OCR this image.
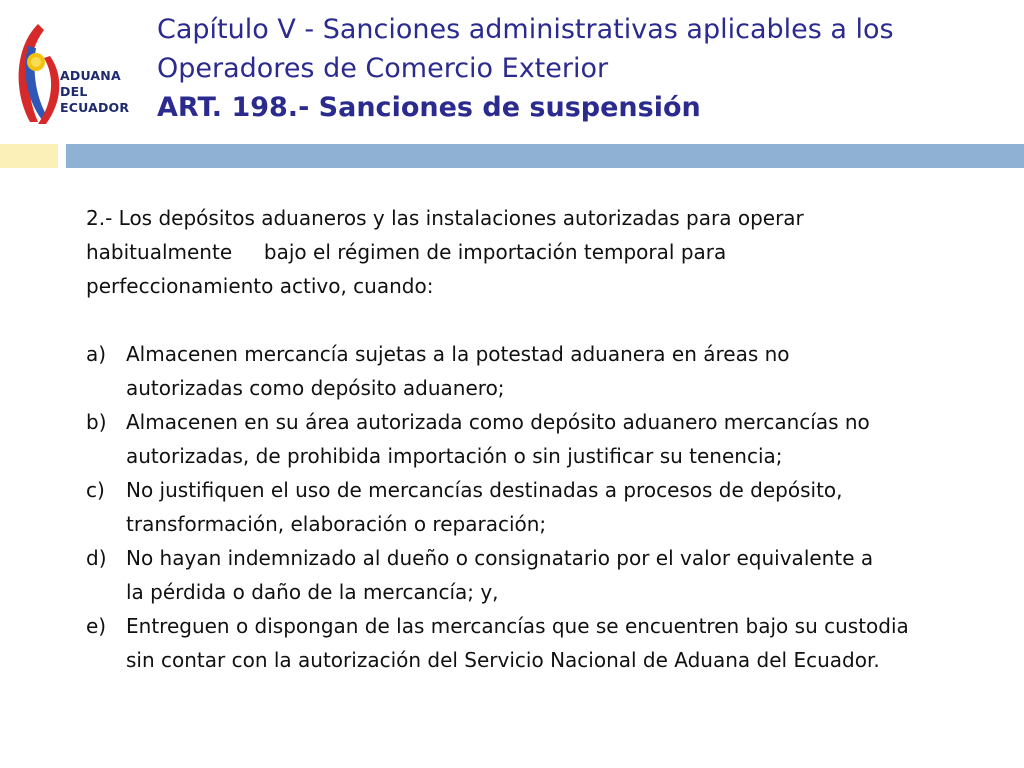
ADUANA
DEL
ECUADOR
Capítulo V - Sanciones administrativas aplicables a los
Operadores de Comercio Exterior
ART. 198.- Sanciones de suspensión
2.- Los depósitos aduaneros y las instalaciones autorizadas para operar
habitualmente     bajo el régimen de importación temporal para
perfeccionamiento activo, cuando:
a) Almacenen mercancía sujetas a la potestad aduanera en áreas no
autorizadas como depósito aduanero;
b) Almacenen en su área autorizada como depósito aduanero mercancías no
autorizadas, de prohibida importación o sin justificar su tenencia;
c)	No justifiquen el uso de mercancías destinadas a procesos de depósito,
transformación, elaboración o reparación;
d) No hayan indemnizado al dueño o consignatario por el valor equivalente a
la pérdida o daño de la mercancía; y,
e) Entreguen o dispongan de las mercancías que se encuentren bajo su custodia
sin contar con la autorización del Servicio Nacional de Aduana del Ecuador.
